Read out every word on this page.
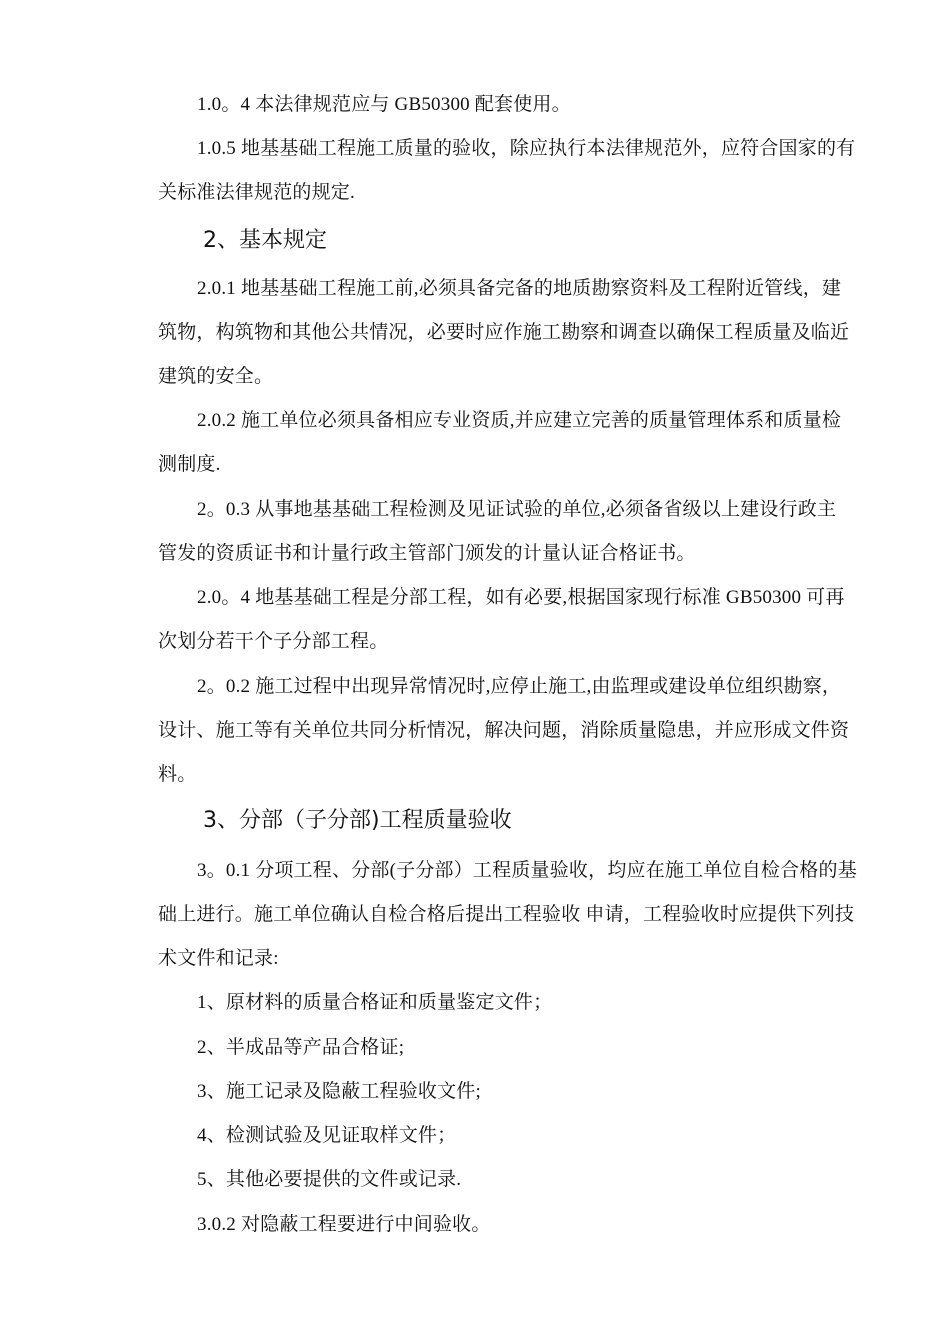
1.0。4 本法律规范应与 GB50300 配套使用。
1.0.5 地基基础工程施工质量的验收，除应执行本法律规范外，应符合国家的有
关标准法律规范的规定.
2、基本规定
2.0.1 地基基础工程施工前,必须具备完备的地质勘察资料及工程附近管线，建
筑物，构筑物和其他公共情况，必要时应作施工勘察和调查以确保工程质量及临近
建筑的安全。
2.0.2 施工单位必须具备相应专业资质,并应建立完善的质量管理体系和质量检
测制度.
2。0.3 从事地基基础工程检测及见证试验的单位,必须备省级以上建设行政主
管发的资质证书和计量行政主管部门颁发的计量认证合格证书。
2.0。4 地基基础工程是分部工程，如有必要,根据国家现行标准 GB50300 可再
次划分若干个子分部工程。
2。0.2 施工过程中出现异常情况时,应停止施工,由监理或建设单位组织勘察，
设计、施工等有关单位共同分析情况，解决问题，消除质量隐患，并应形成文件资
料。
3、分部（子分部)工程质量验收
3。0.1 分项工程、分部(子分部）工程质量验收，均应在施工单位自检合格的基
础上进行。施工单位确认自检合格后提出工程验收 申请，工程验收时应提供下列技
术文件和记录:
1、原材料的质量合格证和质量鉴定文件；
2、半成品等产品合格证;
3、施工记录及隐蔽工程验收文件;
4、检测试验及见证取样文件；
5、其他必要提供的文件或记录.
3.0.2 对隐蔽工程要进行中间验收。
